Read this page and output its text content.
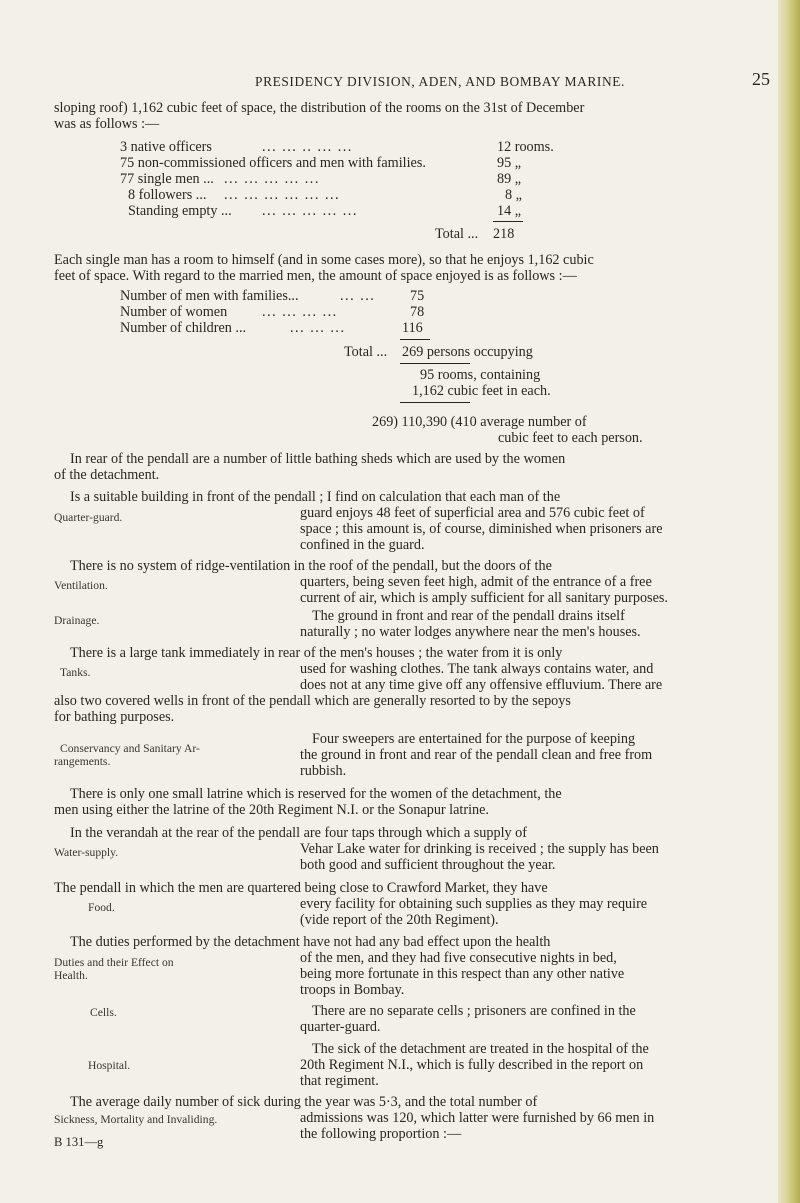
PRESIDENCY DIVISION, ADEN, AND BOMBAY MARINE.	25
sloping roof) 1,162 cubic feet of space, the distribution of the rooms on the 31st of December
was as follows :—
3 native officers	... ... .. ... ...	12 rooms.
75 non-commissioned officers and men with families.	95 „
77 single men ... ... ... ... ... ...	89 „
8 followers ... ... ... ... ... ... ...	8 „
Standing empty ... ... ... ... ... ...	14 „
Total ... 218
Each single man has a room to himself (and in some cases more), so that he enjoys 1,162 cubic
feet of space. With regard to the married men, the amount of space enjoyed is as follows :—
Number of men with families...	... ... 75
Number of women ... ... ... ...	78
Number of children ...	... ... ...	116
Total ... 269 persons occupying
95 rooms, containing
1,162 cubic feet in each.
269) 110,390 (410 average number of
cubic feet to each person.
In rear of the pendall are a number of little bathing sheds which are used by the women
of the detachment.
Is a suitable building in front of the pendall ; I find on calculation that each man of the
Quarter-guard.	guard enjoys 48 feet of superficial area and 576 cubic feet of
space ; this amount is, of course, diminished when prisoners are
confined in the guard.
There is no system of ridge-ventilation in the roof of the pendall, but the doors of the
Ventilation.	quarters, being seven feet high, admit of the entrance of a free
current of air, which is amply sufficient for all sanitary purposes.
Drainage.	The ground in front and rear of the pendall drains itself
naturally ; no water lodges anywhere near the men's houses.
There is a large tank immediately in rear of the men's houses ; the water from it is only
Tanks.	used for washing clothes. The tank always contains water, and
does not at any time give off any offensive effluvium. There are
also two covered wells in front of the pendall which are generally resorted to by the sepoys
for bathing purposes.
Four sweepers are entertained for the purpose of keeping
Conservancy and Sanitary Ar-
rangements.	the ground in front and rear of the pendall clean and free from
rubbish.
There is only one small latrine which is reserved for the women of the detachment, the
men using either the latrine of the 20th Regiment N.I. or the Sonapur latrine.
In the verandah at the rear of the pendall are four taps through which a supply of
Water-supply.	Vehar Lake water for drinking is received ; the supply has been
both good and sufficient throughout the year.
The pendall in which the men are quartered being close to Crawford Market, they have
Food.	every facility for obtaining such supplies as they may require
(vide report of the 20th Regiment).
The duties performed by the detachment have not had any bad effect upon the health
Duties and their Effect on
Health.
of the men, and they had five consecutive nights in bed,
being more fortunate in this respect than any other native
troops in Bombay.
Cells.	There are no separate cells ; prisoners are confined in the
quarter-guard.
The sick of the detachment are treated in the hospital of the
Hospital.	20th Regiment N.I., which is fully described in the report on
that regiment.
The average daily number of sick during the year was 5·3, and the total number of
Sickness, Mortality and Invaliding.	admissions was 120, which latter were furnished by 66 men in
the following proportion :—
B 131—g
